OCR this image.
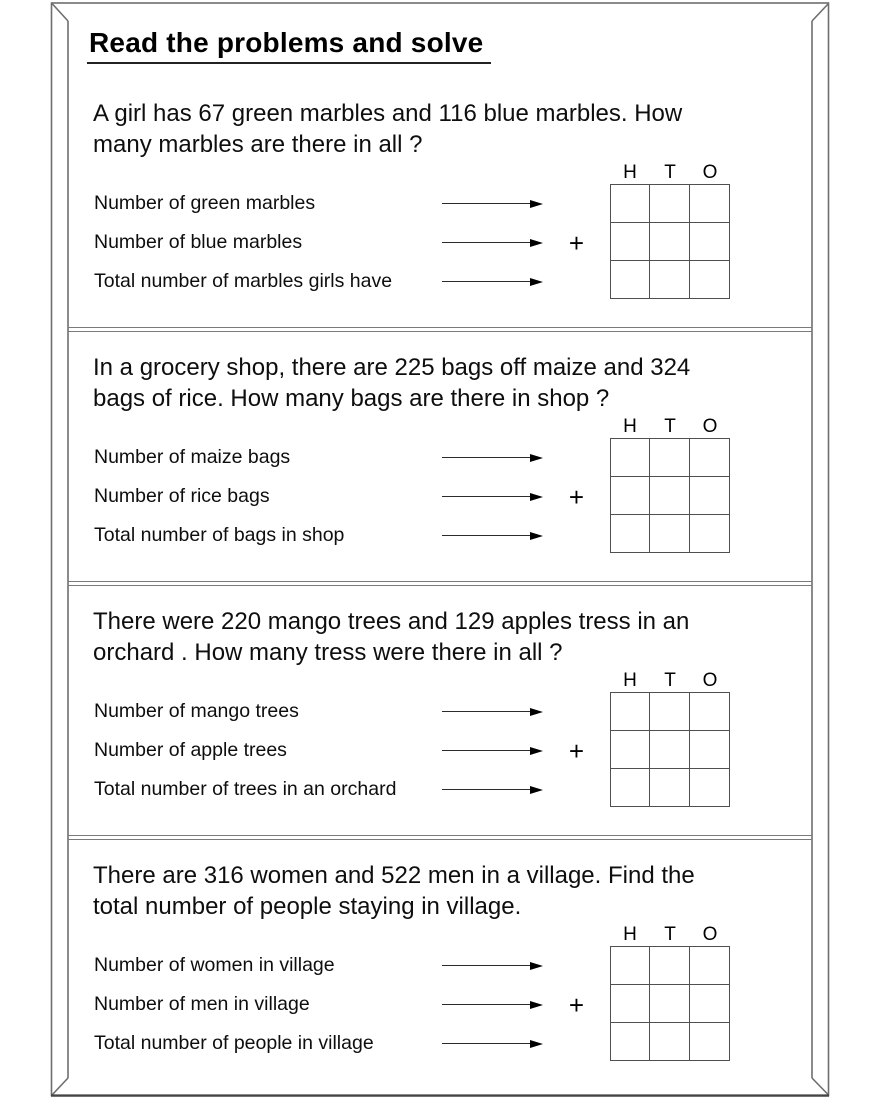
Read the problems and solve
A girl has 67 green marbles and 116 blue marbles. How
many marbles are there in all ?
Number of green marbles
Number of blue marbles	+
Total number of marbles girls have
H	T	O
In a grocery shop, there are 225 bags off maize and 324
bags of rice. How many bags are there in shop ?
Number of maize bags
Number of rice bags	+
Total number of bags in shop
H	T	O
There were 220 mango trees and 129 apples tress in an
orchard . How many tress were there in all ?
Number of mango trees
Number of apple trees	+
Total number of trees in an orchard
H	T	O
There are 316 women and 522 men in a village. Find the
total number of people staying in village.
Number of women in village
Number of men in village	+
Total number of people in village
H	T	O
